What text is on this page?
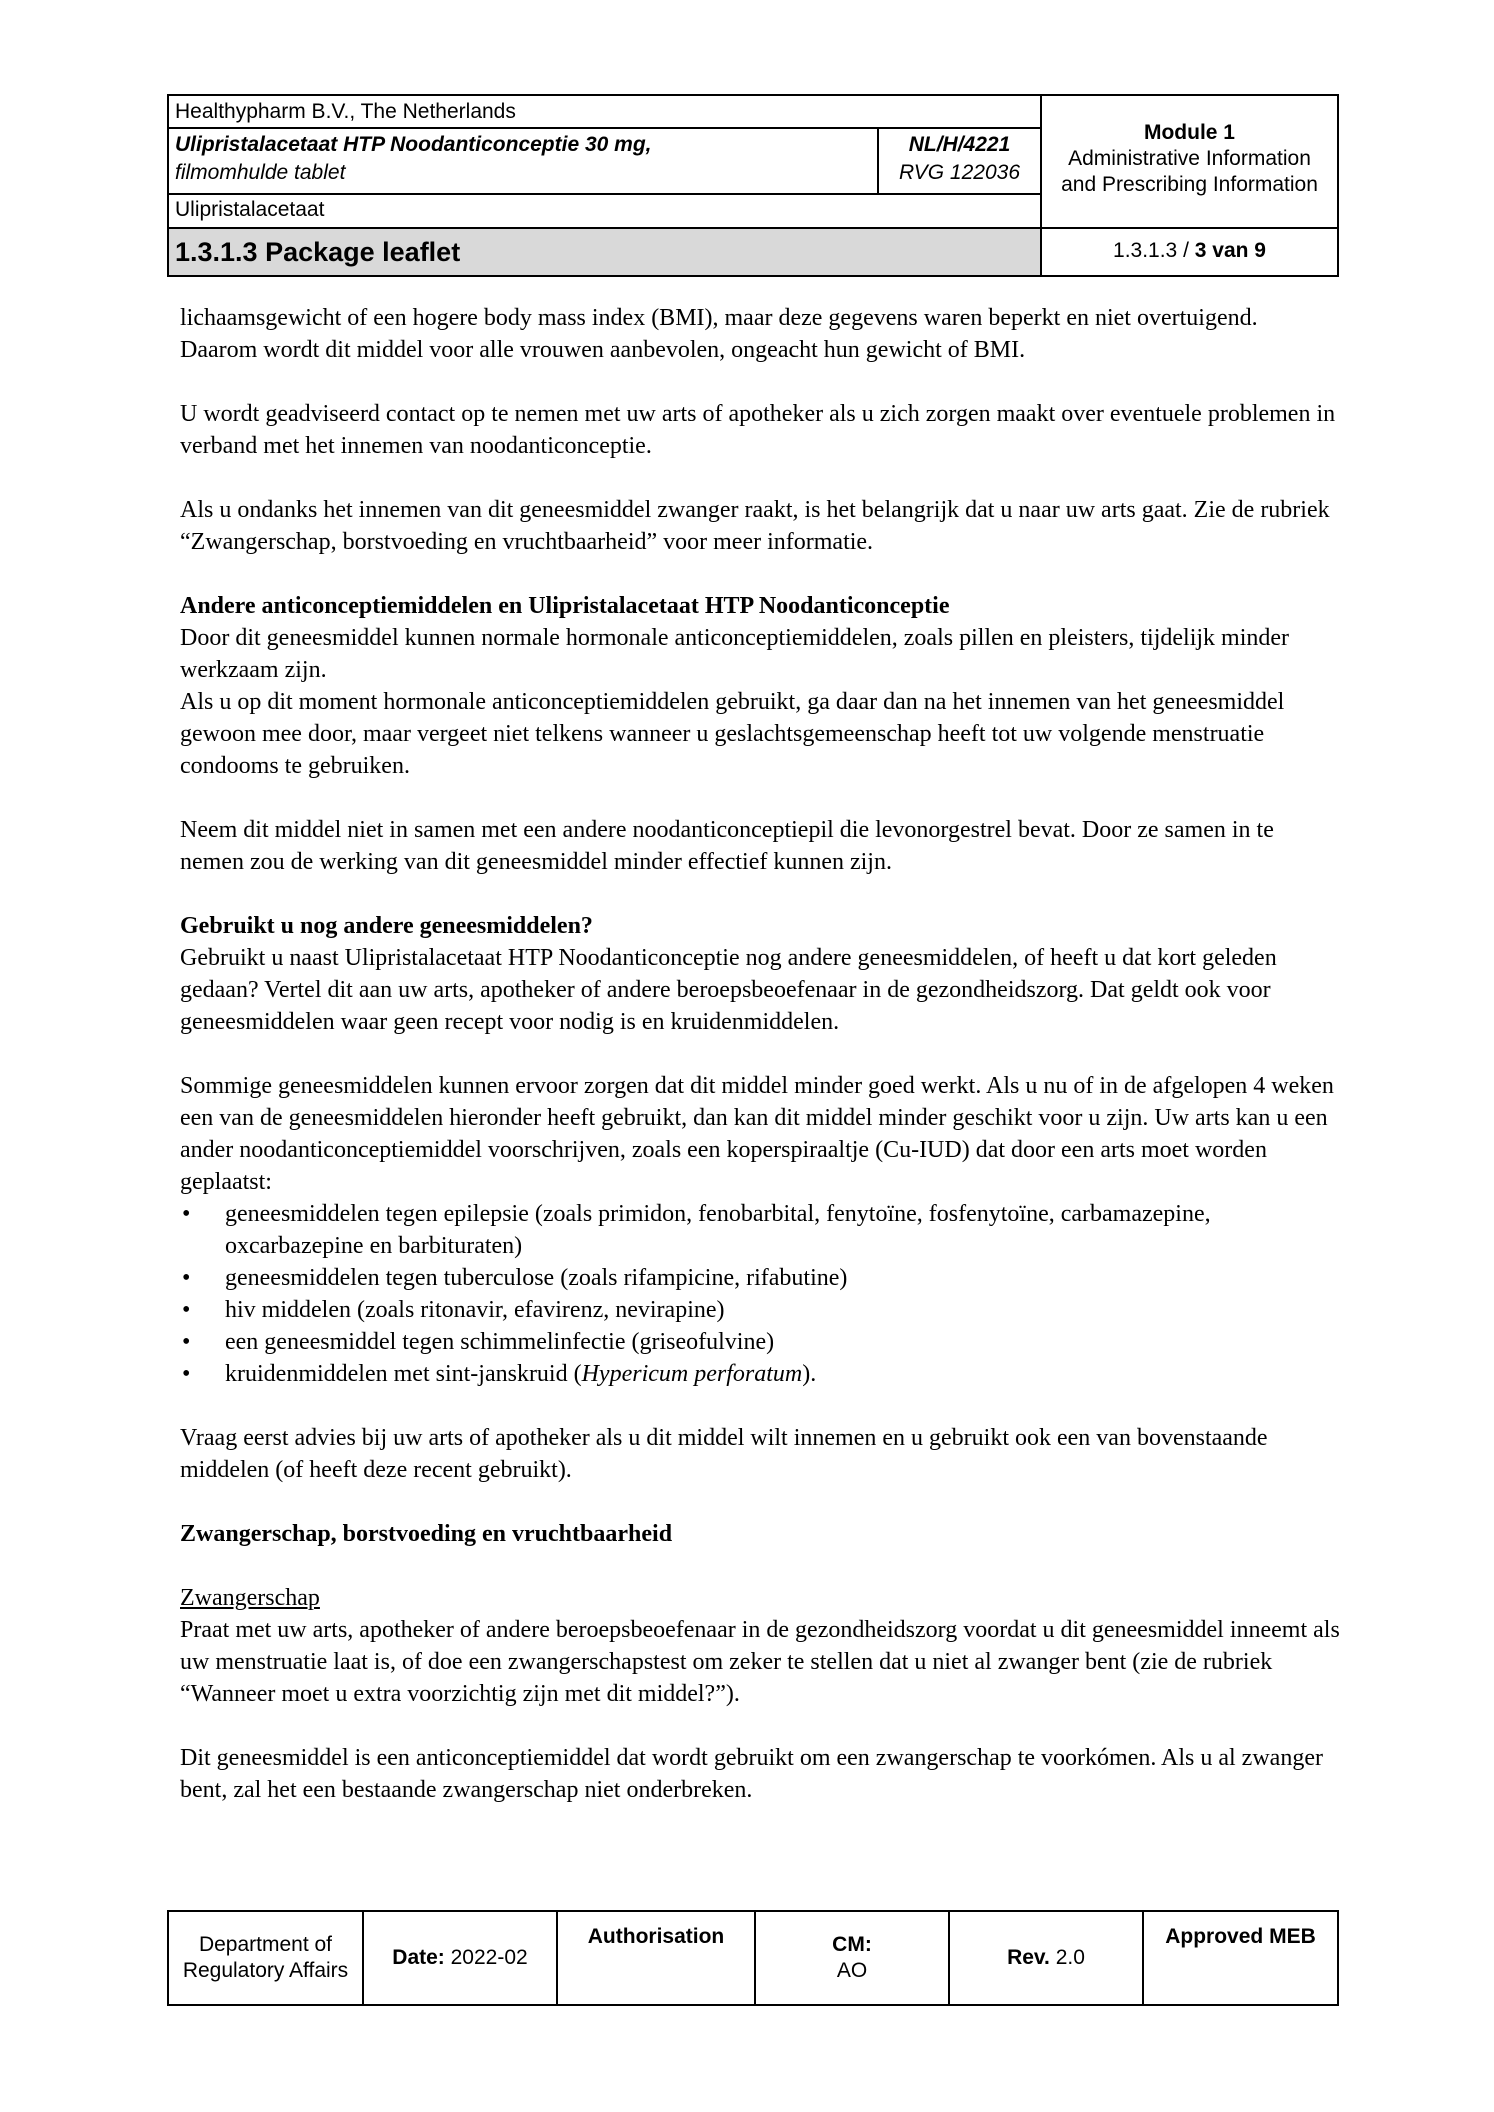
Healthypharm B.V., The Netherlands
Ulipristalacetaat HTP Noodanticonceptie 30 mg,
filmomhulde tablet
NL/H/4221
RVG 122036
Ulipristalacetaat
Module 1
Administrative Information
and Prescribing Information
1.3.1.3 Package leaflet	1.3.1.3 / 3 van 9

lichaamsgewicht of een hogere body mass index (BMI), maar deze gegevens waren beperkt en niet overtuigend. Daarom wordt dit middel voor alle vrouwen aanbevolen, ongeacht hun gewicht of BMI.

U wordt geadviseerd contact op te nemen met uw arts of apotheker als u zich zorgen maakt over eventuele problemen in verband met het innemen van noodanticonceptie.

Als u ondanks het innemen van dit geneesmiddel zwanger raakt, is het belangrijk dat u naar uw arts gaat. Zie de rubriek “Zwangerschap, borstvoeding en vruchtbaarheid” voor meer informatie.

Andere anticonceptiemiddelen en Ulipristalacetaat HTP Noodanticonceptie

Door dit geneesmiddel kunnen normale hormonale anticonceptiemiddelen, zoals pillen en pleisters, tijdelijk minder werkzaam zijn.

Als u op dit moment hormonale anticonceptiemiddelen gebruikt, ga daar dan na het innemen van het geneesmiddel gewoon mee door, maar vergeet niet telkens wanneer u geslachtsgemeenschap heeft tot uw volgende menstruatie condooms te gebruiken.

Neem dit middel niet in samen met een andere noodanticonceptiepil die levonorgestrel bevat. Door ze samen in te nemen zou de werking van dit geneesmiddel minder effectief kunnen zijn.

Gebruikt u nog andere geneesmiddelen?

Gebruikt u naast Ulipristalacetaat HTP Noodanticonceptie nog andere geneesmiddelen, of heeft u dat kort geleden gedaan? Vertel dit aan uw arts, apotheker of andere beroepsbeoefenaar in de gezondheidszorg. Dat geldt ook voor geneesmiddelen waar geen recept voor nodig is en kruidenmiddelen.

Sommige geneesmiddelen kunnen ervoor zorgen dat dit middel minder goed werkt. Als u nu of in de afgelopen 4 weken een van de geneesmiddelen hieronder heeft gebruikt, dan kan dit middel minder geschikt voor u zijn. Uw arts kan u een ander noodanticonceptiemiddel voorschrijven, zoals een koperspiraaltje (Cu-IUD) dat door een arts moet worden geplaatst:

• geneesmiddelen tegen epilepsie (zoals primidon, fenobarbital, fenytoïne, fosfenytoïne, carbamazepine, oxcarbazepine en barbituraten)
• geneesmiddelen tegen tuberculose (zoals rifampicine, rifabutine)
• hiv middelen (zoals ritonavir, efavirenz, nevirapine)
• een geneesmiddel tegen schimmelinfectie (griseofulvine)
• kruidenmiddelen met sint-janskruid (Hypericum perforatum).

Vraag eerst advies bij uw arts of apotheker als u dit middel wilt innemen en u gebruikt ook een van bovenstaande middelen (of heeft deze recent gebruikt).

Zwangerschap, borstvoeding en vruchtbaarheid

Zwangerschap

Praat met uw arts, apotheker of andere beroepsbeoefenaar in de gezondheidszorg voordat u dit geneesmiddel inneemt als uw menstruatie laat is, of doe een zwangerschapstest om zeker te stellen dat u niet al zwanger bent (zie de rubriek “Wanneer moet u extra voorzichtig zijn met dit middel?”).

Dit geneesmiddel is een anticonceptiemiddel dat wordt gebruikt om een zwangerschap te voorkómen. Als u al zwanger bent, zal het een bestaande zwangerschap niet onderbreken.

Department of
Regulatory Affairs
Date: 2022-02
Authorisation	CM:
AO
Rev. 2.0
Approved MEB
